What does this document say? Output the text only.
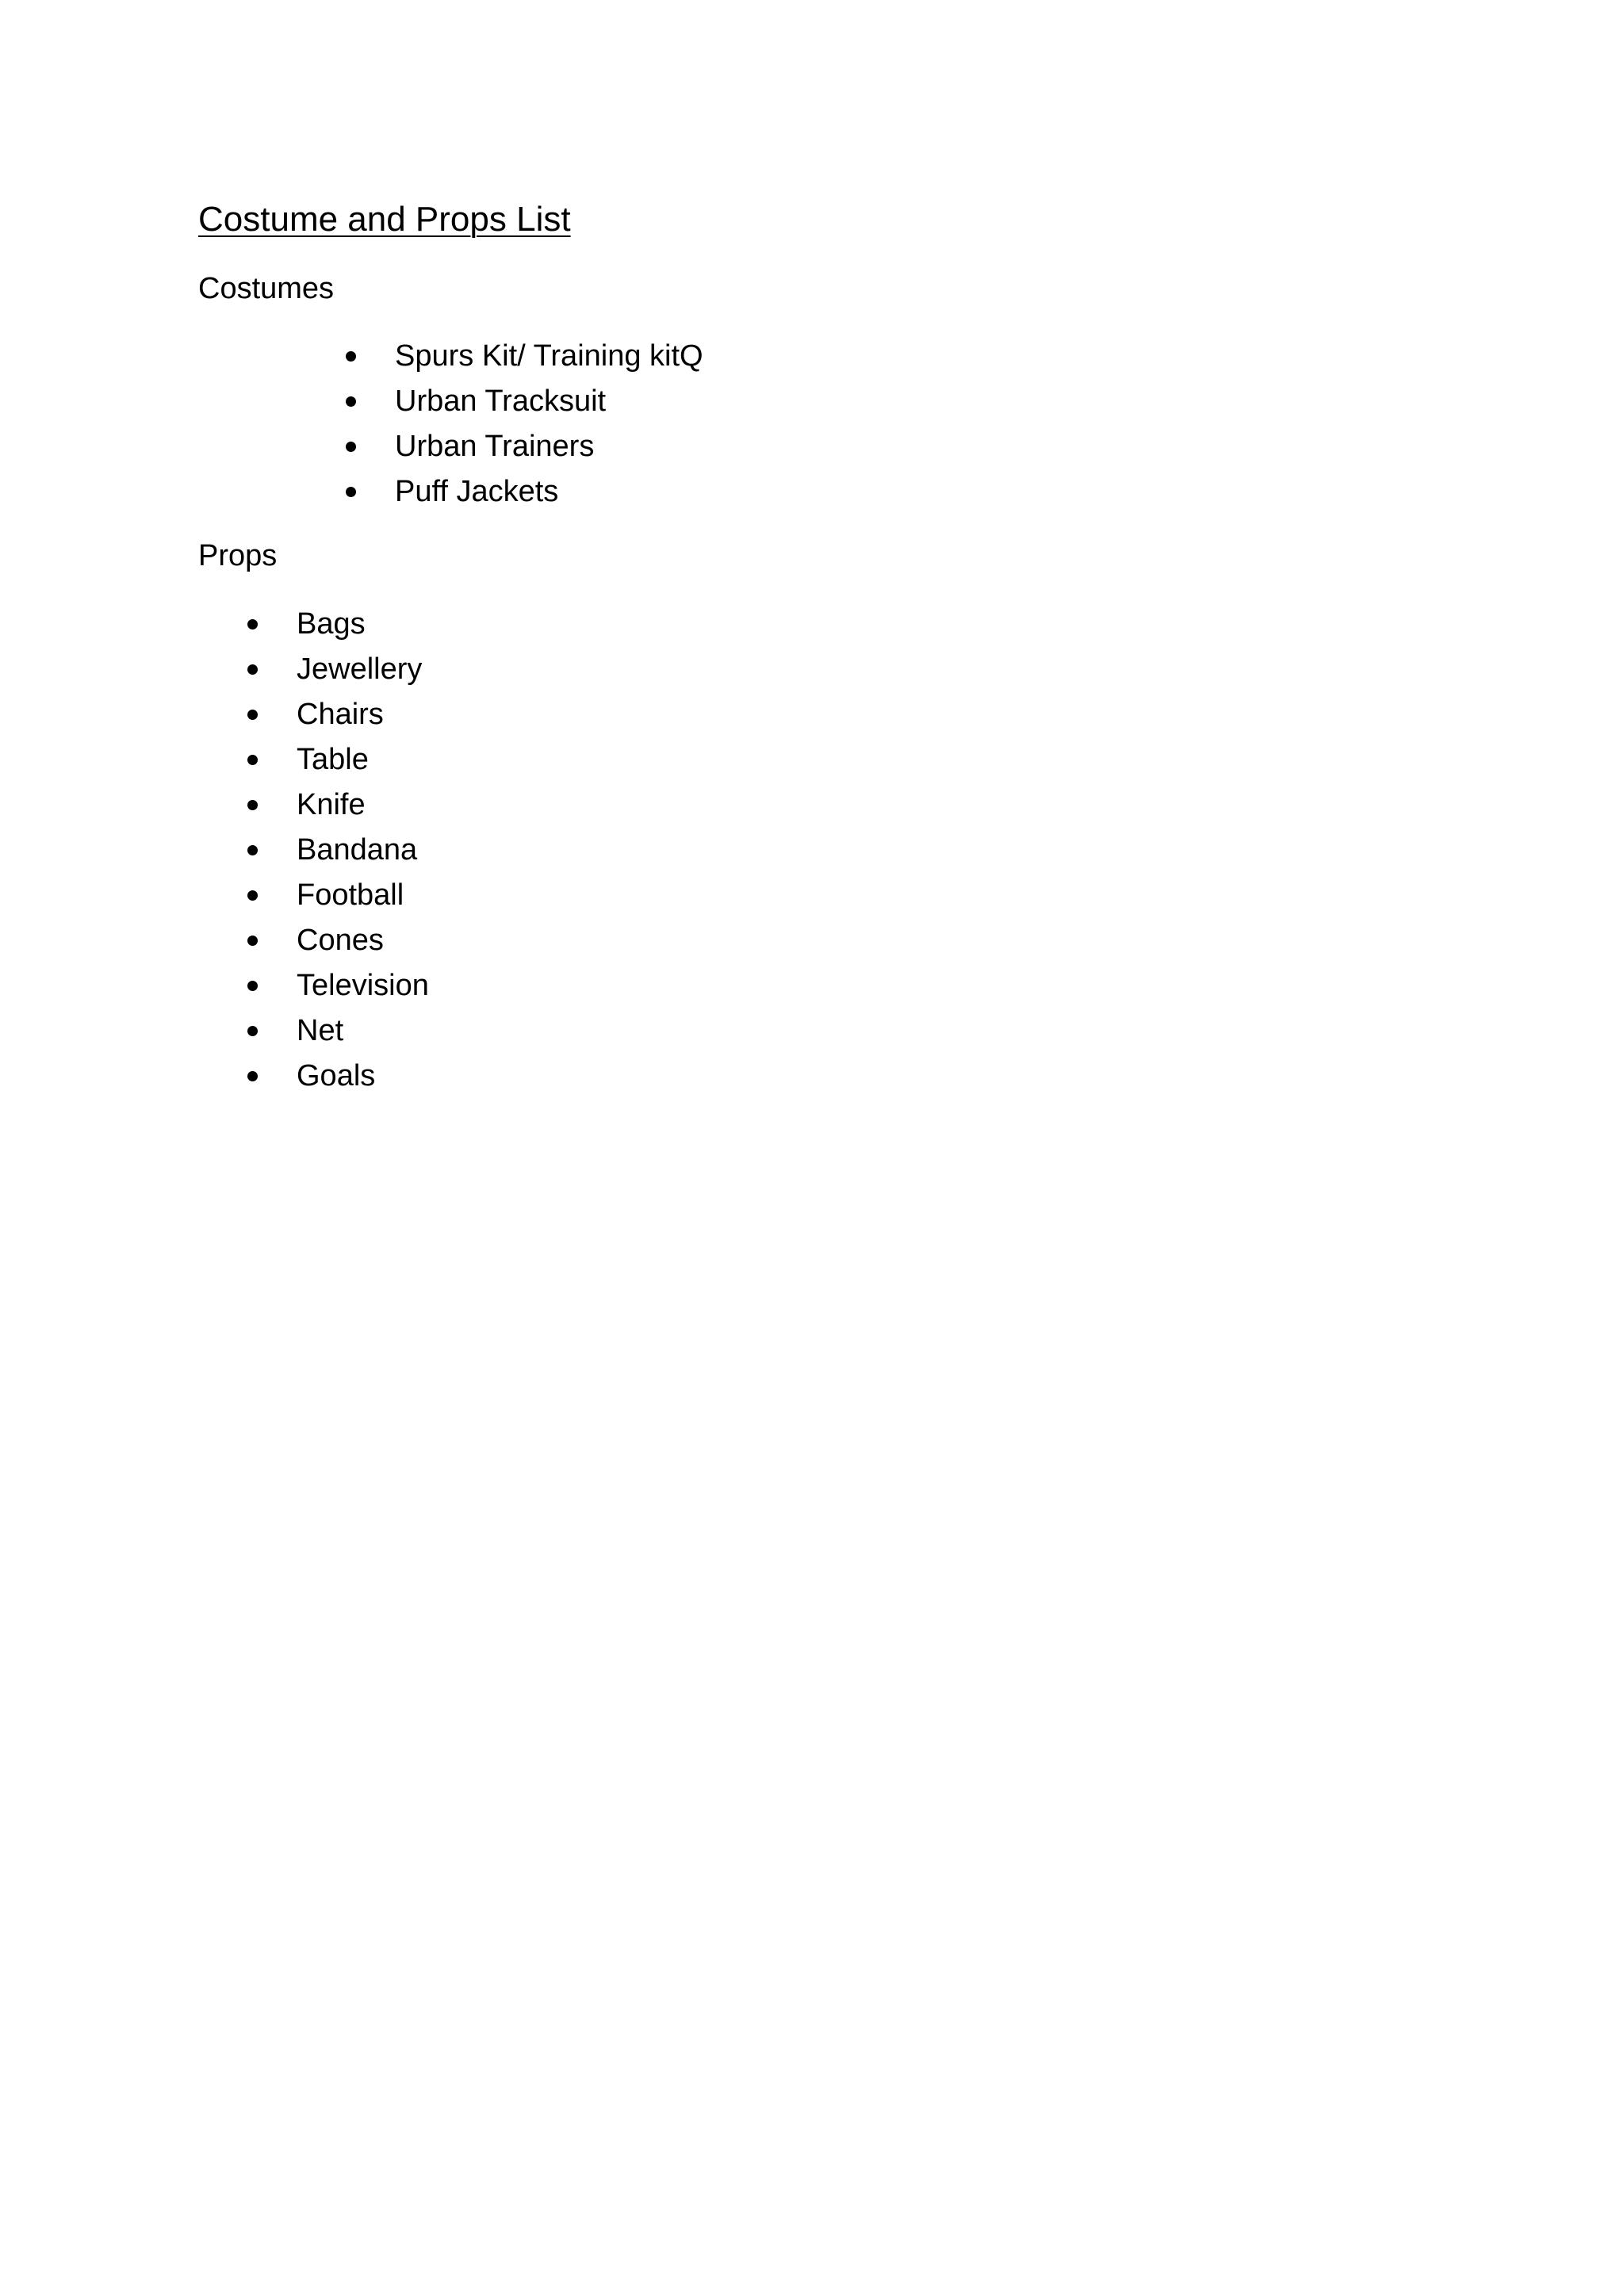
Costume and Props List
Costumes
Spurs Kit/ Training kitQ
Urban Tracksuit
Urban Trainers
Puff Jackets
Props
Bags
Jewellery
Chairs
Table
Knife
Bandana
Football
Cones
Television
Net
Goals
